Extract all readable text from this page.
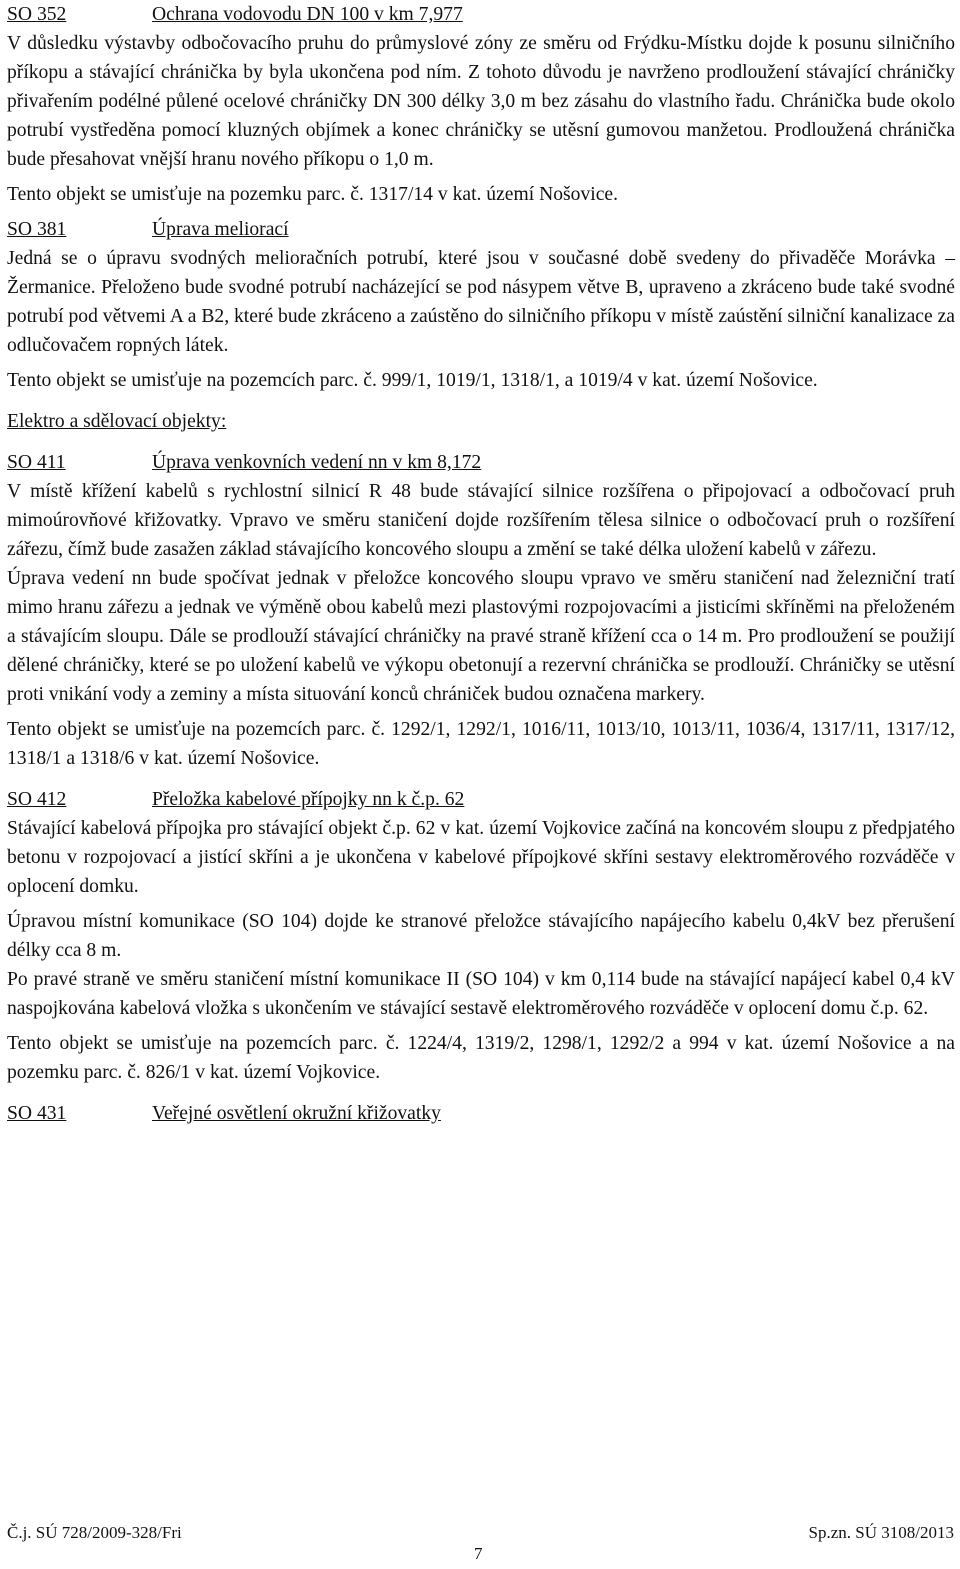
SO 352	Ochrana vodovodu DN 100 v km 7,977

V důsledku výstavby odbočovacího pruhu do průmyslové zóny ze směru od Frýdku-Místku dojde k posunu silničního příkopu a stávající chránička by byla ukončena pod ním. Z tohoto důvodu je navrženo prodloužení stávající chráničky přivařením podélné půlené ocelové chráničky DN 300 délky 3,0 m bez zásahu do vlastního řadu. Chránička bude okolo potrubí vystředěna pomocí kluzných objímek a konec chráničky se utěsní gumovou manžetou. Prodloužená chránička bude přesahovat vnější hranu nového příkopu o 1,0 m.

Tento objekt se umisťuje na pozemku parc. č. 1317/14 v kat. území Nošovice.

SO 381	Úprava meliorací

Jedná se o úpravu svodných melioračních potrubí, které jsou v současné době svedeny do přivaděče Morávka – Žermanice. Přeloženo bude svodné potrubí nacházející se pod násypem větve B, upraveno a zkráceno bude také svodné potrubí pod větvemi A a B2, které bude zkráceno a zaústěno do silničního příkopu v místě zaústění silniční kanalizace za odlučovačem ropných látek.

Tento objekt se umisťuje na pozemcích parc. č. 999/1, 1019/1, 1318/1, a 1019/4 v kat. území Nošovice.

Elektro a sdělovací objekty:
SO 411	Úprava venkovních vedení nn v km 8,172

V místě křížení kabelů s rychlostní silnicí R 48 bude stávající silnice rozšířena o připojovací a odbočovací pruh mimoúrovňové křižovatky. Vpravo ve směru staničení dojde rozšířením tělesa silnice o odbočovací pruh o rozšíření zářezu, čímž bude zasažen základ stávajícího koncového sloupu a změní se také délka uložení kabelů v zářezu.

Úprava vedení nn bude spočívat jednak v přeložce koncového sloupu vpravo ve směru staničení nad železniční tratí mimo hranu zářezu a jednak ve výměně obou kabelů mezi plastovými rozpojovacími a jisticími skříněmi na přeloženém a stávajícím sloupu. Dále se prodlouží stávající chráničky na pravé straně křížení cca o 14 m. Pro prodloužení se použijí dělené chráničky, které se po uložení kabelů ve výkopu obetonují a rezervní chránička se prodlouží. Chráničky se utěsní proti vnikání vody a zeminy a místa situování konců chrániček budou označena markery.

Tento objekt se umisťuje na pozemcích parc. č. 1292/1, 1292/1, 1016/11, 1013/10, 1013/11, 1036/4, 1317/11, 1317/12, 1318/1 a 1318/6 v kat. území Nošovice.

SO 412	Přeložka kabelové přípojky nn k č.p. 62

Stávající kabelová přípojka pro stávající objekt č.p. 62 v kat. území Vojkovice začíná na koncovém sloupu z předpjatého betonu v rozpojovací a jistící skříni a je ukončena v kabelové přípojkové skříni sestavy elektroměrového rozváděče v oplocení domku.

Úpravou místní komunikace (SO 104) dojde ke stranové přeložce stávajícího napájecího kabelu 0,4kV bez přerušení délky cca 8 m.

Po pravé straně ve směru staničení místní komunikace II (SO 104) v km 0,114 bude na stávající napájecí kabel 0,4 kV naspojkována kabelová vložka s ukončením ve stávající sestavě elektroměrového rozváděče v oplocení domu č.p. 62.

Tento objekt se umisťuje na pozemcích parc. č. 1224/4, 1319/2, 1298/1, 1292/2 a 994 v kat. území Nošovice a na pozemku parc. č. 826/1 v kat. území Vojkovice.

SO 431	Veřejné osvětlení okružní křižovatky
Č.j. SÚ 728/2009-328/Fri	Sp.zn. SÚ 3108/2013
7
